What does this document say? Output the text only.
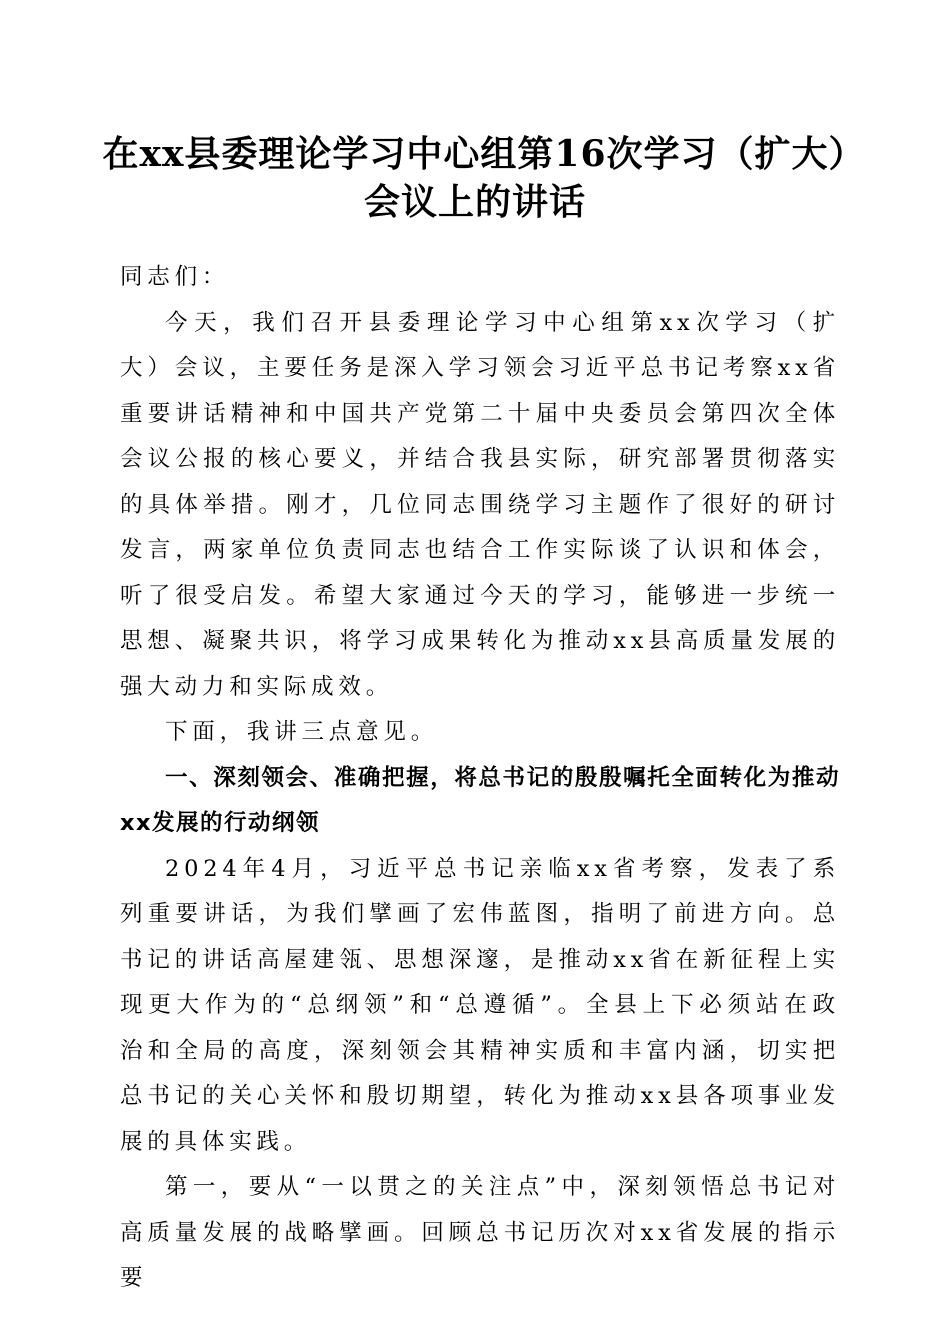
在xx县委理论学习中心组第16次学习（扩大）会议上的讲话

同志们：

今天，我们召开县委理论学习中心组第xx次学习（扩大）会议，主要任务是深入学习领会习近平总书记考察xx省重要讲话精神和中国共产党第二十届中央委员会第四次全体会议公报的核心要义，并结合我县实际，研究部署贯彻落实的具体举措。刚才，几位同志围绕学习主题作了很好的研讨发言，两家单位负责同志也结合工作实际谈了认识和体会，听了很受启发。希望大家通过今天的学习，能够进一步统一思想、凝聚共识，将学习成果转化为推动xx县高质量发展的强大动力和实际成效。

下面，我讲三点意见。

一、深刻领会、准确把握，将总书记的殷殷嘱托全面转化为推动xx发展的行动纲领

2024年4月，习近平总书记亲临xx省考察，发表了系列重要讲话，为我们擘画了宏伟蓝图，指明了前进方向。总书记的讲话高屋建瓴、思想深邃，是推动xx省在新征程上实现更大作为的“总纲领”和“总遵循”。全县上下必须站在政治和全局的高度，深刻领会其精神实质和丰富内涵，切实把总书记的关心关怀和殷切期望，转化为推动xx县各项事业发展的具体实践。

第一，要从“一以贯之的关注点”中，深刻领悟总书记对高质量发展的战略擘画。回顾总书记历次对xx省发展的指示要
